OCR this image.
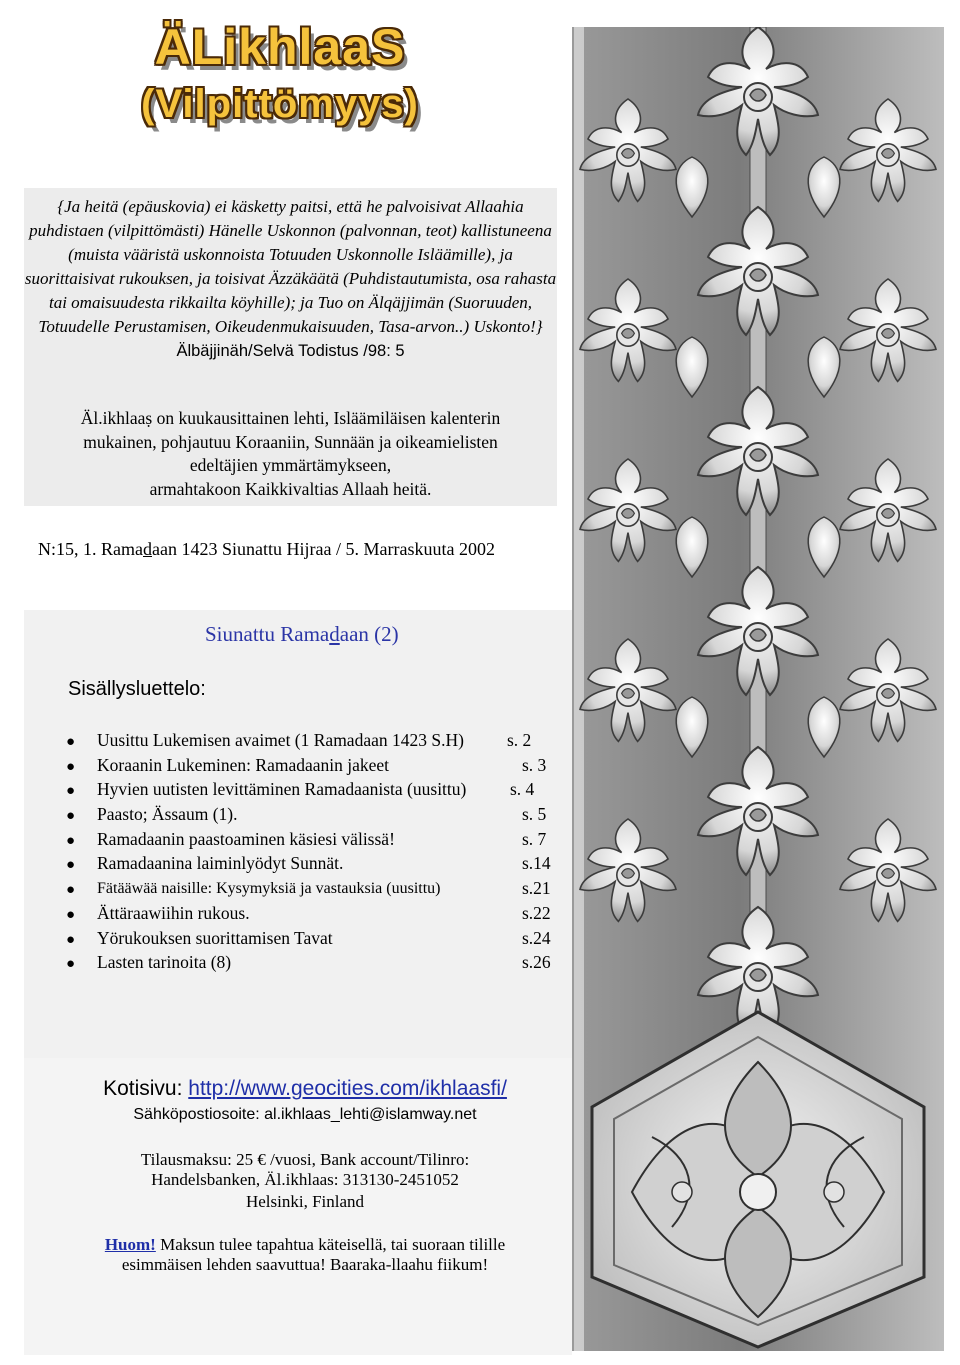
ÄLikhlaaS
(Vilpittömyys)
{Ja heitä (epäuskovia) ei käsketty paitsi, että he palvoisivat Allaahia puhdistaen (vilpittömästi) Hänelle Uskonnon (palvonnan, teot) kallistuneena (muista vääristä uskonnoista Totuuden Uskonnolle Isläämille), ja suorittaisivat rukouksen, ja toisivat Äzzäkäätä (Puhdistautumista, osa rahasta tai omaisuudesta rikkailta köyhille); ja Tuo on Älqäjjimän (Suoruuden, Totuudelle Perustamisen, Oikeudenmukaisuuden, Tasa-arvon..) Uskonto!} Älbäjjinäh/Selvä Todistus /98: 5
Äl.ikhlaaṣ on kuukausittainen lehti, Isläämiläisen kalenterin
mukainen, pohjautuu Koraaniin, Sunnään ja oikeamielisten
edeltäjien ymmärtämykseen,
armahtakoon Kaikkivaltias Allaah heitä.
N:15, 1. Ramadaan 1423 Siunattu Hijraa / 5. Marraskuuta 2002
Siunattu Ramadaan (2)
Sisällysluettelo:
● Uusittu Lukemisen avaimet (1 Ramadaan 1423 S.H) s. 2
● Koraanin Lukeminen: Ramadaanin jakeet	s. 3
● Hyvien uutisten levittäminen Ramadaanista (uusittu) s. 4
● Paasto; Ässaum (1).	s. 5
● Ramadaanin paastoaminen käsiesi välissä!	s. 7
● Ramadaanina laiminlyödyt Sunnät.	s.14
● Fätääwää naisille: Kysymyksiä ja vastauksia (uusittu)	s.21
● Ättäraawiihin rukous.	s.22
● Yörukouksen suorittamisen Tavat	s.24
● Lasten tarinoita (8)	s.26
Kotisivu: http://www.geocities.com/ikhlaasfi/
Sähköpostiosoite: al.ikhlaas_lehti@islamway.net
Tilausmaksu: 25 € /vuosi, Bank account/Tilinro:
Handelsbanken, Äl.ikhlaas: 313130-2451052
Helsinki, Finland
Huom! Maksun tulee tapahtua käteisellä, tai suoraan tilille
esimmäisen lehden saavuttua! Baaraka-llaahu fiikum!
